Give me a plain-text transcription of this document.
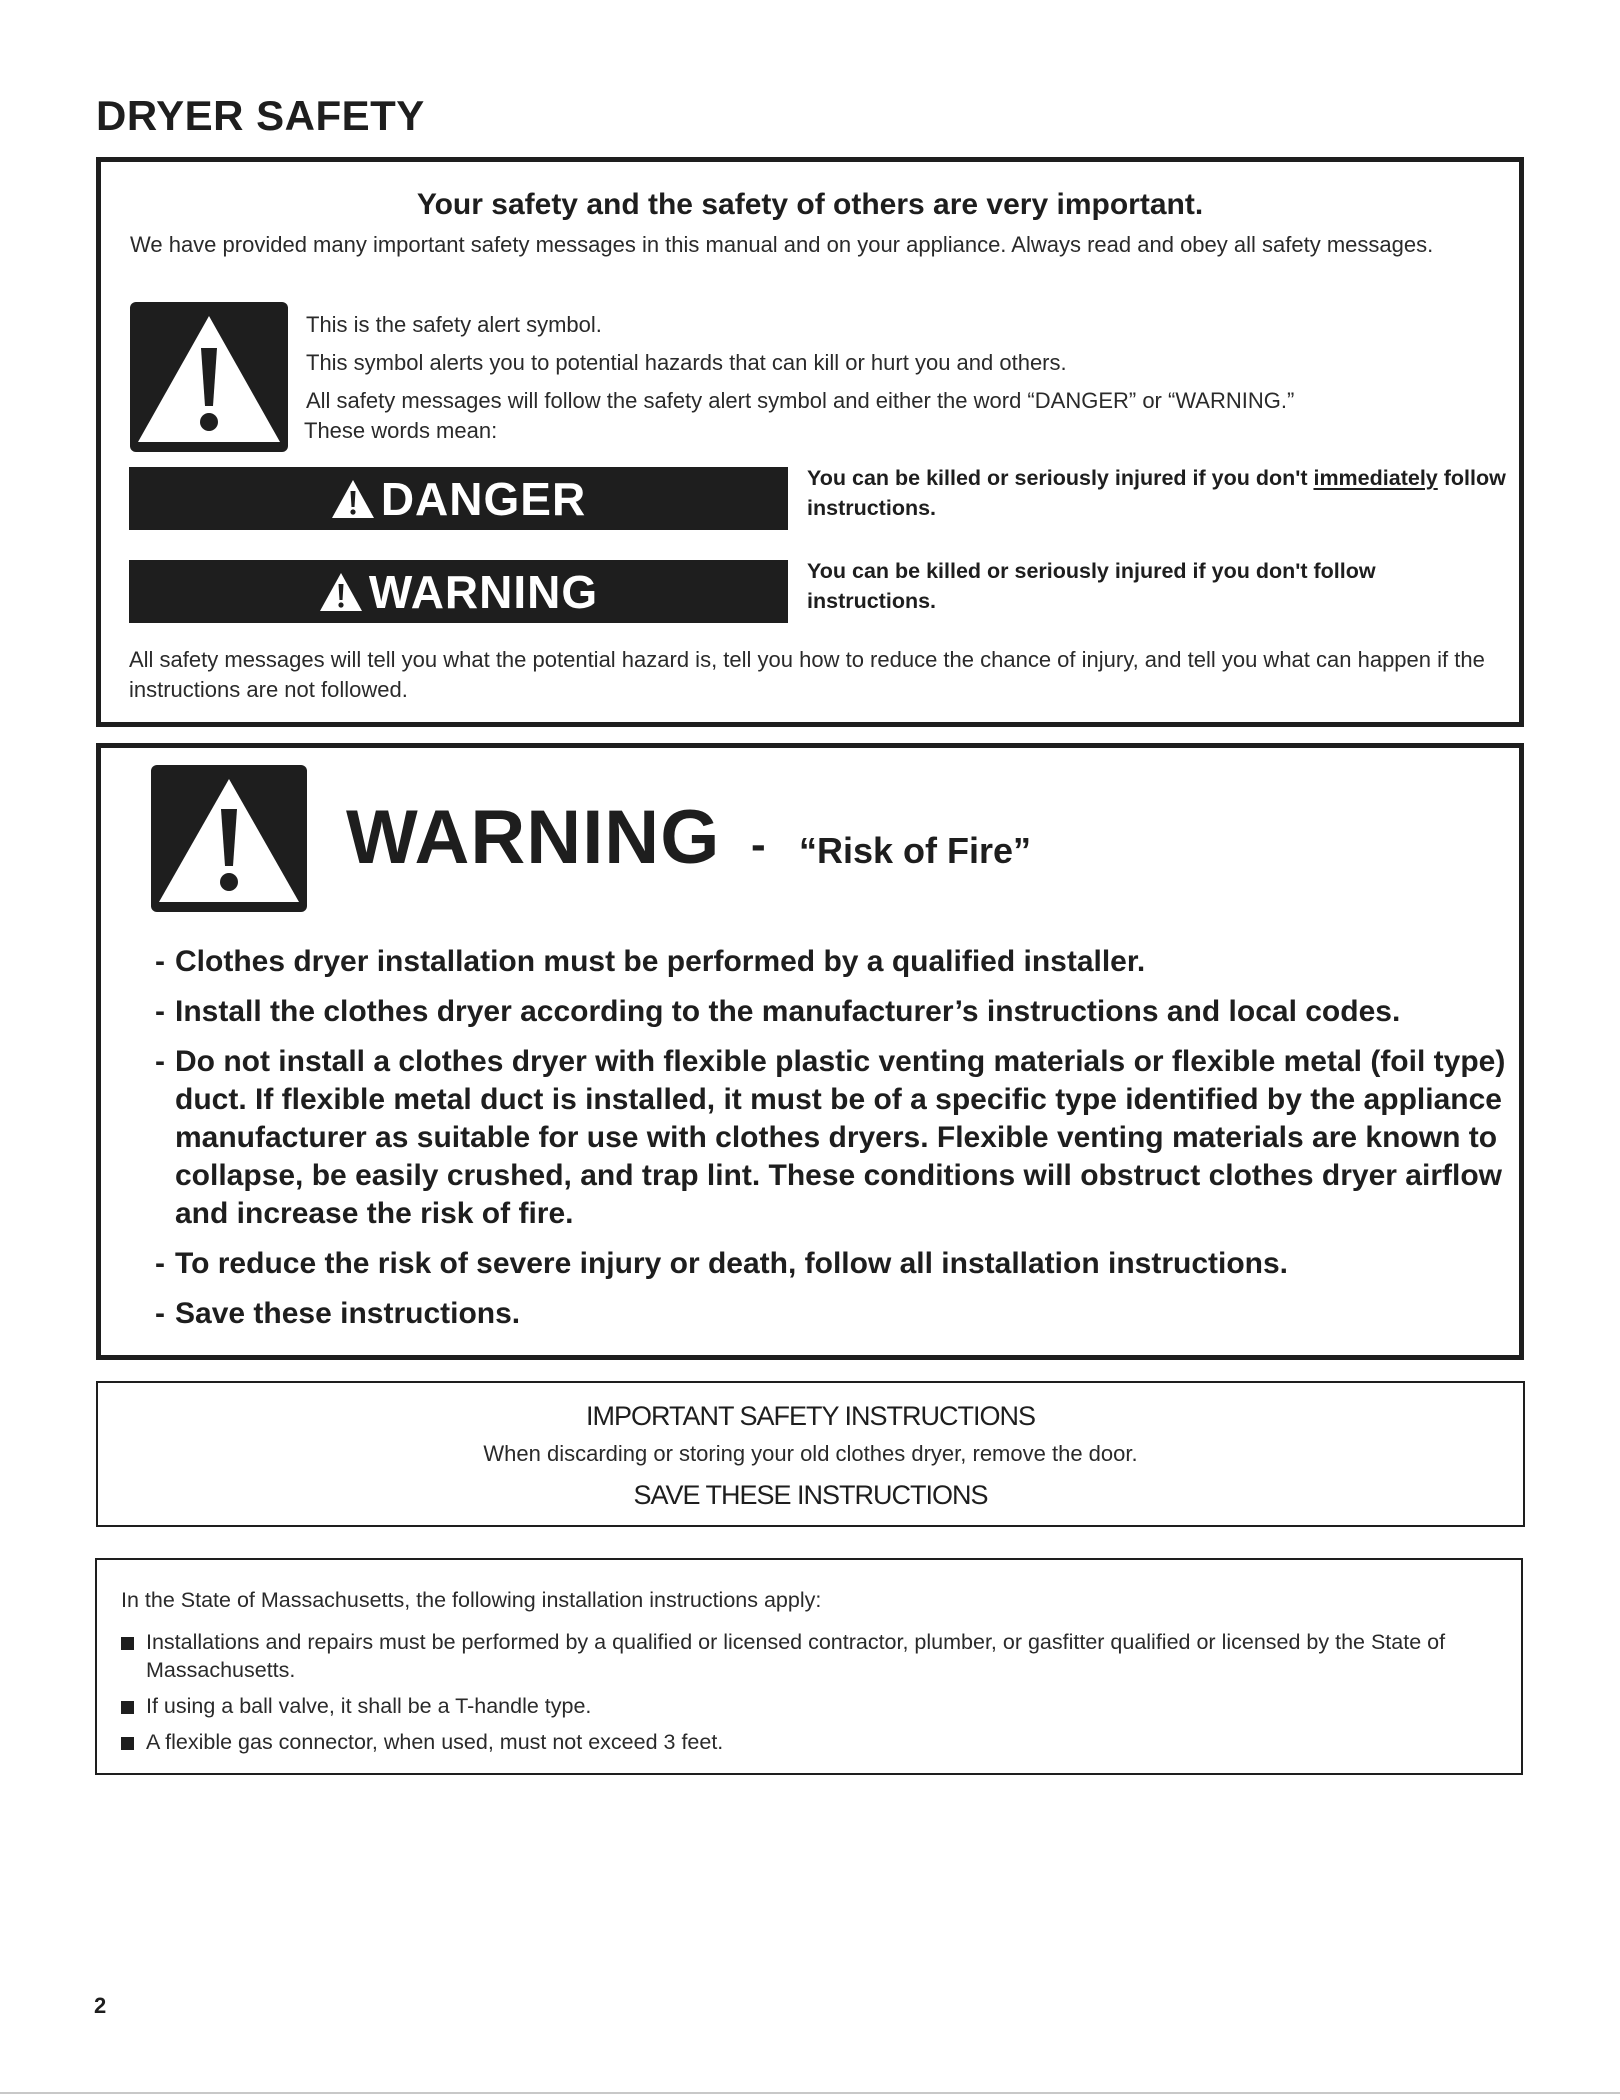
DRYER SAFETY
Your safety and the safety of others are very important.
We have provided many important safety messages in this manual and on your appliance. Always read and obey all safety messages.
This is the safety alert symbol.
This symbol alerts you to potential hazards that can kill or hurt you and others.
All safety messages will follow the safety alert symbol and either the word “DANGER” or “WARNING.”
These words mean:
DANGER	You can be killed or seriously injured if you don't immediately follow instructions.
WARNING	You can be killed or seriously injured if you don't follow instructions.
All safety messages will tell you what the potential hazard is, tell you how to reduce the chance of injury, and tell you what can happen if the instructions are not followed.
WARNING - “Risk of Fire”
- Clothes dryer installation must be performed by a qualified installer.
- Install the clothes dryer according to the manufacturer’s instructions and local codes.
- Do not install a clothes dryer with flexible plastic venting materials or flexible metal (foil type) duct. If flexible metal duct is installed, it must be of a specific type identified by the appliance manufacturer as suitable for use with clothes dryers. Flexible venting materials are known to collapse, be easily crushed, and trap lint. These conditions will obstruct clothes dryer airflow and increase the risk of fire.
- To reduce the risk of severe injury or death, follow all installation instructions.
- Save these instructions.
IMPORTANT SAFETY INSTRUCTIONS
When discarding or storing your old clothes dryer, remove the door.
SAVE THESE INSTRUCTIONS
In the State of Massachusetts, the following installation instructions apply:
Installations and repairs must be performed by a qualified or licensed contractor, plumber, or gasfitter qualified or licensed by the State of Massachusetts.
If using a ball valve, it shall be a T-handle type.
A flexible gas connector, when used, must not exceed 3 feet.
2
